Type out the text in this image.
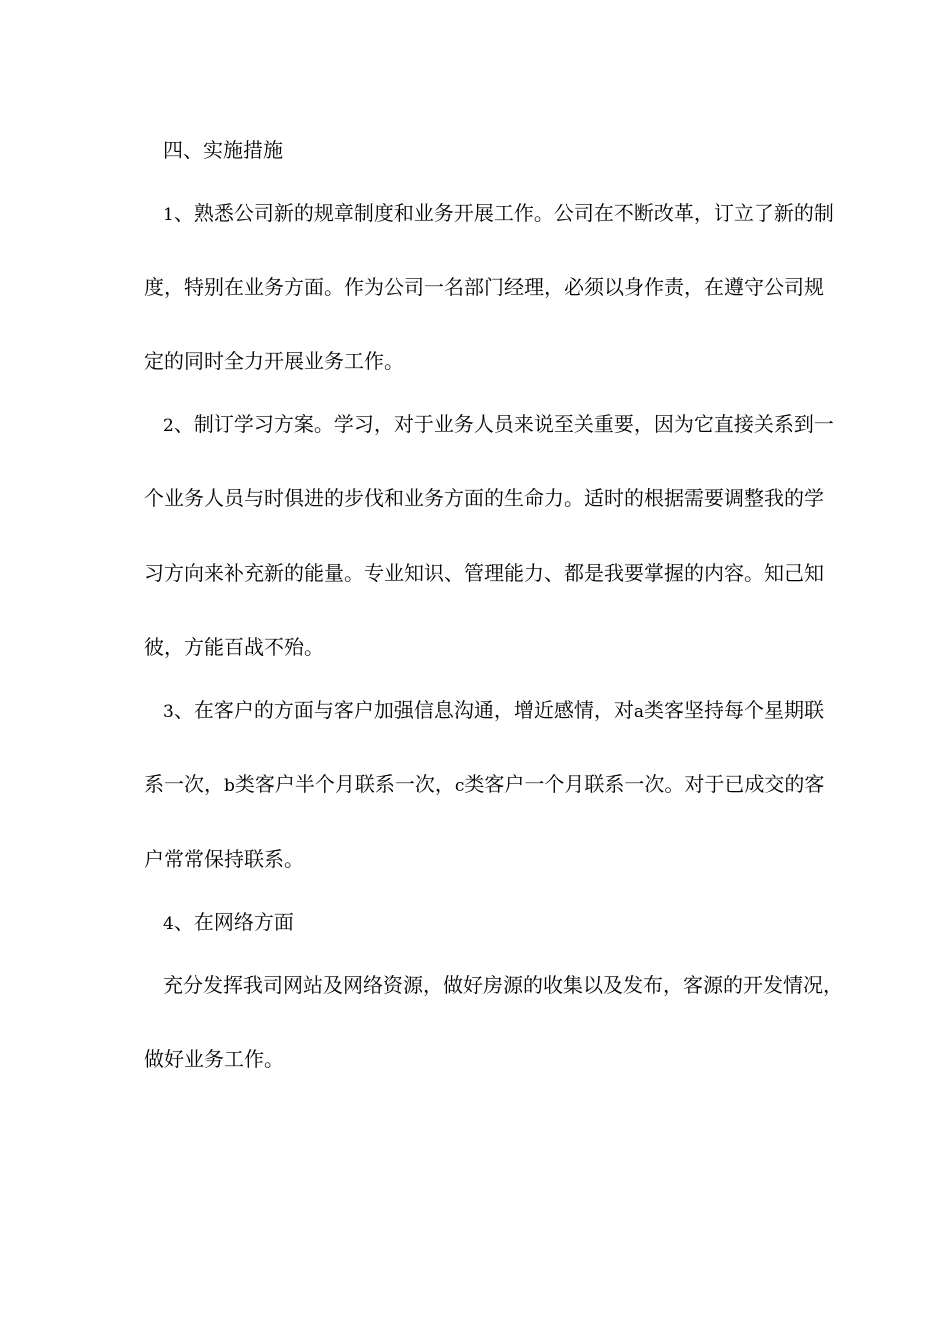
四、实施措施
1、熟悉公司新的规章制度和业务开展工作。公司在不断改革，订立了新的制
度，特别在业务方面。作为公司一名部门经理，必须以身作责，在遵守公司规
定的同时全力开展业务工作。
2、制订学习方案。学习，对于业务人员来说至关重要，因为它直接关系到一
个业务人员与时俱进的步伐和业务方面的生命力。适时的根据需要调整我的学
习方向来补充新的能量。专业知识、管理能力、都是我要掌握的内容。知己知
彼，方能百战不殆。
3、在客户的方面与客户加强信息沟通，增近感情，对a类客坚持每个星期联
系一次，b类客户半个月联系一次，c类客户一个月联系一次。对于已成交的客
户常常保持联系。
4、在网络方面
充分发挥我司网站及网络资源，做好房源的收集以及发布，客源的开发情况，
做好业务工作。
